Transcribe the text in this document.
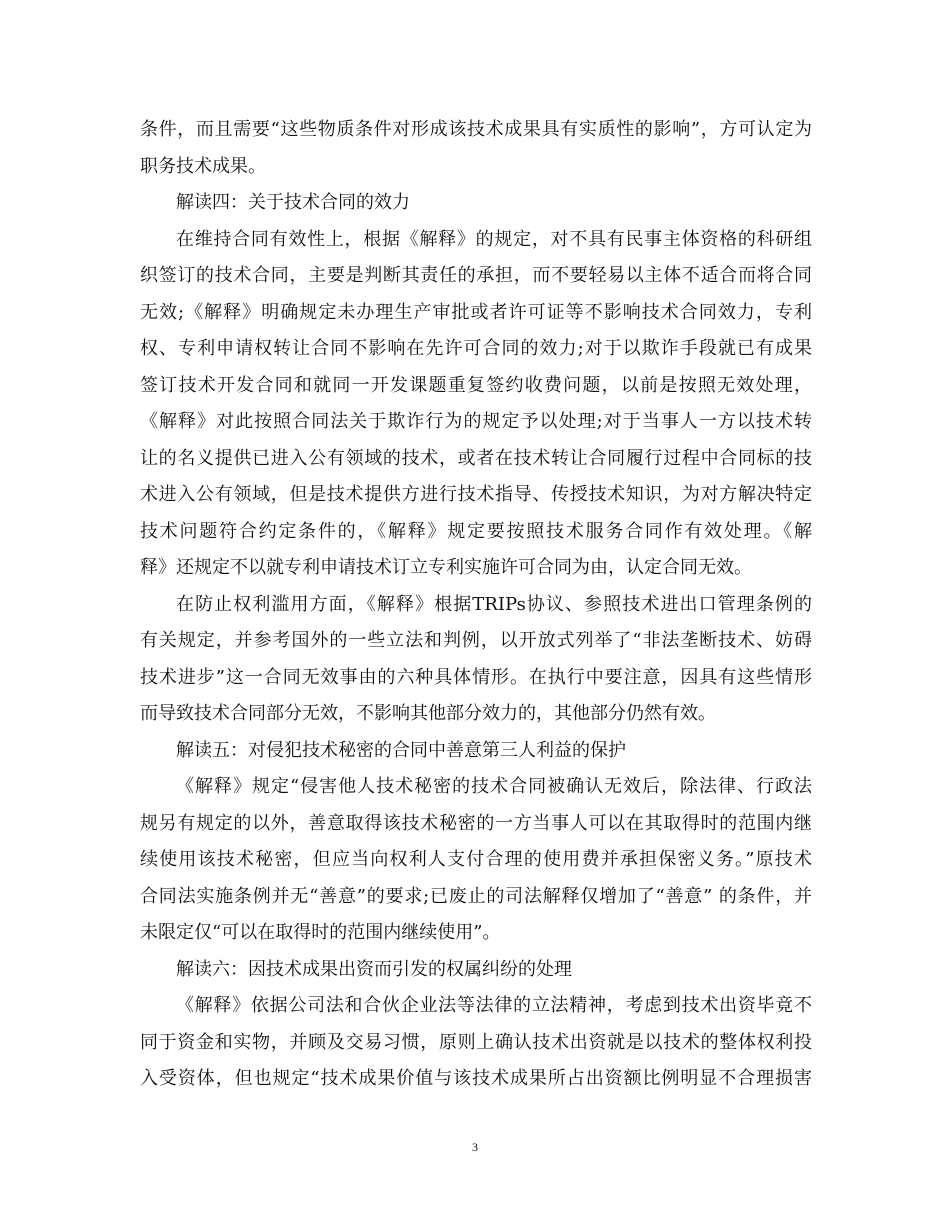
条件，而且需要“这些物质条件对形成该技术成果具有实质性的影响”，方可认定为
职务技术成果。
解读四：关于技术合同的效力
在维持合同有效性上，根据《解释》的规定，对不具有民事主体资格的科研组
织签订的技术合同，主要是判断其责任的承担，而不要轻易以主体不适合而将合同
无效;《解释》明确规定未办理生产审批或者许可证等不影响技术合同效力，专利
权、专利申请权转让合同不影响在先许可合同的效力;对于以欺诈手段就已有成果
签订技术开发合同和就同一开发课题重复签约收费问题，以前是按照无效处理，
《解释》对此按照合同法关于欺诈行为的规定予以处理;对于当事人一方以技术转
让的名义提供已进入公有领域的技术，或者在技术转让合同履行过程中合同标的技
术进入公有领域，但是技术提供方进行技术指导、传授技术知识，为对方解决特定
技术问题符合约定条件的，《解释》规定要按照技术服务合同作有效处理。《解
释》还规定不以就专利申请技术订立专利实施许可合同为由，认定合同无效。
在防止权利滥用方面，《解释》根据TRIPs协议、参照技术进出口管理条例的
有关规定，并参考国外的一些立法和判例，以开放式列举了“非法垄断技术、妨碍
技术进步”这一合同无效事由的六种具体情形。在执行中要注意，因具有这些情形
而导致技术合同部分无效，不影响其他部分效力的，其他部分仍然有效。
解读五：对侵犯技术秘密的合同中善意第三人利益的保护
《解释》规定“侵害他人技术秘密的技术合同被确认无效后，除法律、行政法
规另有规定的以外，善意取得该技术秘密的一方当事人可以在其取得时的范围内继
续使用该技术秘密，但应当向权利人支付合理的使用费并承担保密义务。”原技术
合同法实施条例并无“善意”的要求;已废止的司法解释仅增加了“善意” 的条件，并
未限定仅“可以在取得时的范围内继续使用”。
解读六：因技术成果出资而引发的权属纠纷的处理
《解释》依据公司法和合伙企业法等法律的立法精神，考虑到技术出资毕竟不
同于资金和实物，并顾及交易习惯，原则上确认技术出资就是以技术的整体权利投
入受资体，但也规定“技术成果价值与该技术成果所占出资额比例明显不合理损害
3
